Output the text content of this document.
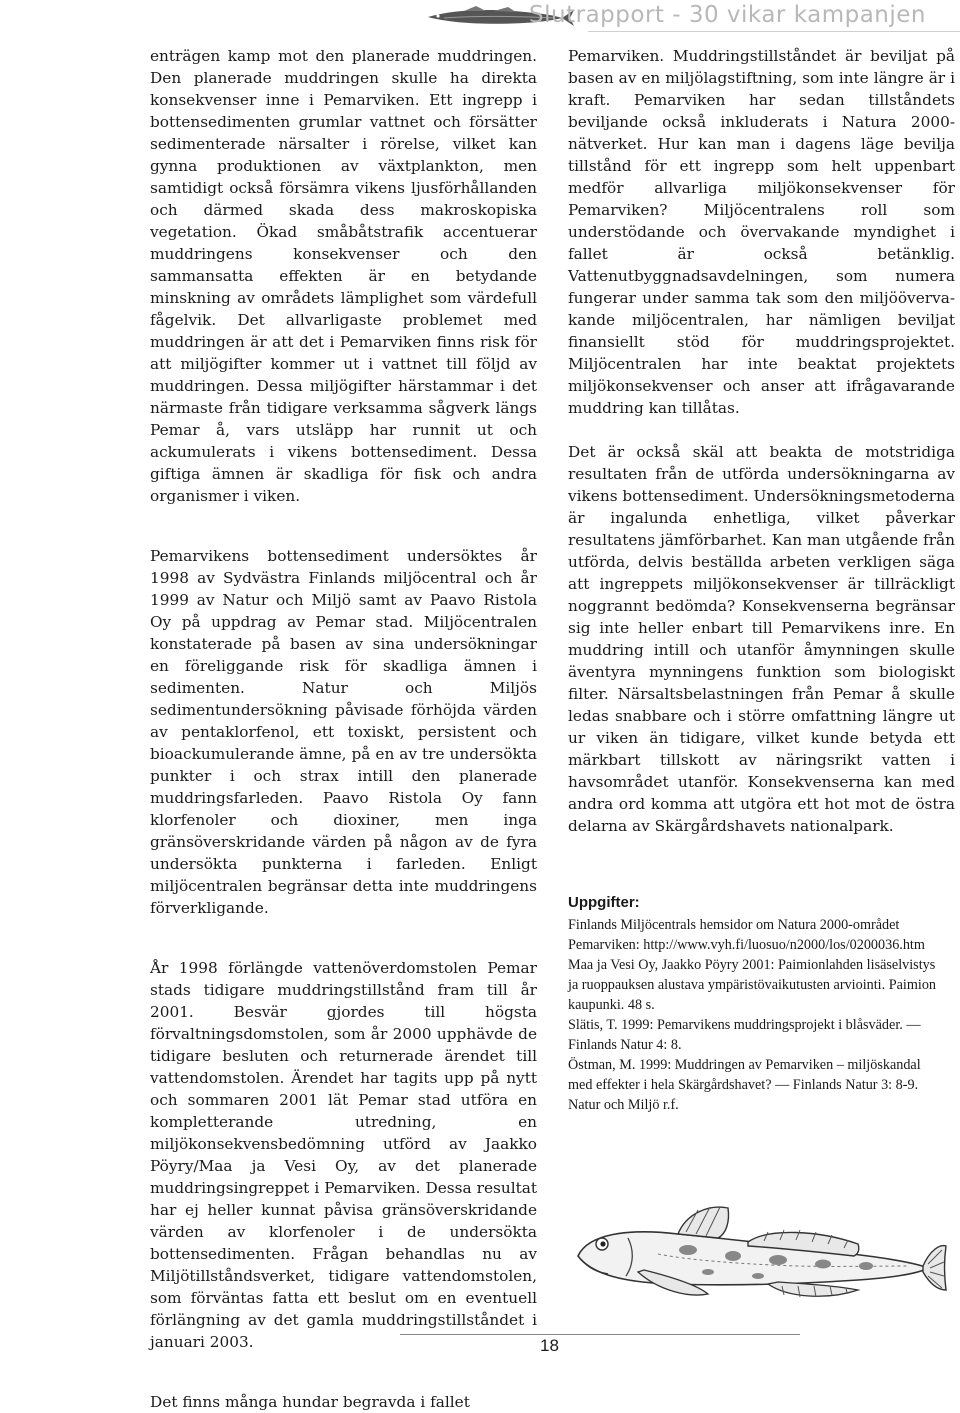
Slutrapport - 30 vikar kampanjen

enträgen kamp mot den planerade muddringen. Den planerade muddringen skulle ha direkta konsekvenser inne i Pemarviken. Ett ingrepp i bottensedimenten grumlar vattnet och försätter sedimenterade närsalter i rörelse, vilket kan gynna produktionen av växtplankton, men samtidigt också försämra vikens ljusförhållanden och därmed skada dess makroskopiska vegetation. Ökad småbåtstrafik accentuerar muddringens konsekvenser och den sammansatta effekten är en betydande minskning av områdets lämplighet som värdefull fågelvik. Det allvarligaste problemet med muddringen är att det i Pemarviken finns risk för att miljögifter kommer ut i vattnet till följd av muddringen. Dessa miljögifter härstammar i det närmaste från tidigare verksamma sågverk längs Pemar å, vars utsläpp har runnit ut och ackumulerats i vikens bottensediment. Dessa giftiga ämnen är skadliga för fisk och andra organismer i viken.

Pemarvikens bottensediment undersöktes år 1998 av Sydvästra Finlands miljöcentral och år 1999 av Natur och Miljö samt av Paavo Ristola Oy på uppdrag av Pemar stad. Miljöcentralen konstaterade på basen av sina undersökningar en föreliggande risk för skadliga ämnen i sedimenten. Natur och Miljös sedimentundersökning påvisade förhöjda värden av pentaklorfenol, ett toxiskt, persistent och bioackumulerande ämne, på en av tre undersökta punkter i och strax intill den planerade muddringsfarleden. Paavo Ristola Oy fann klorfenoler och dioxiner, men inga gränsöverskridande värden på någon av de fyra undersökta punkterna i farleden. Enligt miljöcentralen begränsar detta inte muddringens förverkligande.

År 1998 förlängde vattenöverdomstolen Pemar stads tidigare muddringstillstånd fram till år 2001. Besvär gjordes till högsta förvaltningsdomstolen, som år 2000 upphävde de tidigare besluten och returnerade ärendet till vattendomstolen. Ärendet har tagits upp på nytt och sommaren 2001 lät Pemar stad utföra en kompletterande utredning, en miljökonsekvensbedömning utförd av Jaakko Pöyry/Maa ja Vesi Oy, av det planerade muddringsingreppet i Pemarviken. Dessa resultat har ej heller kunnat påvisa gränsöverskridande värden av klorfenoler i de undersökta bottensedimenten. Frågan behandlas nu av Miljötillståndsverket, tidigare vattendomstolen, som förväntas fatta ett beslut om en eventuell förlängning av det gamla muddringstillståndet i januari 2003.

Det finns många hundar begravda i fallet

Pemarviken. Muddringstillståndet är beviljat på basen av en miljölagstiftning, som inte längre är i kraft. Pemarviken har sedan tillståndets beviljande också inkluderats i Natura 2000-nätverket. Hur kan man i dagens läge bevilja tillstånd för ett ingrepp som helt uppenbart medför allvarliga miljökonsekvenser för Pemarviken? Miljöcentralens roll som understödande och övervakande myndighet i fallet är också betänklig. Vattenutbyggnadsavdelningen, som numera fungerar under samma tak som den miljöövervakande miljöcentralen, har nämligen beviljat finansiellt stöd för muddringsprojektet. Miljöcentralen har inte beaktat projektets miljökonsekvenser och anser att ifrågavarande muddring kan tillåtas.

Det är också skäl att beakta de motstridiga resultaten från de utförda undersökningarna av vikens bottensediment. Undersökningsmetoderna är ingalunda enhetliga, vilket påverkar resultatens jämförbarhet. Kan man utgående från utförda, delvis beställda arbeten verkligen säga att ingreppets miljökonsekvenser är tillräckligt noggrannt bedömda? Konsekvenserna begränsar sig inte heller enbart till Pemarvikens inre. En muddring intill och utanför åmynningen skulle äventyra mynningens funktion som biologiskt filter. Närsaltsbelastningen från Pemar å skulle ledas snabbare och i större omfattning längre ut ur viken än tidigare, vilket kunde betyda ett märkbart tillskott av näringsrikt vatten i havsområdet utanför. Konsekvenserna kan med andra ord komma att utgöra ett hot mot de östra delarna av Skärgårdshavets nationalpark.

Uppgifter:

Finlands Miljöcentrals hemsidor om Natura 2000-området Pemarviken: http://www.vyh.fi/luosuo/n2000/los/0200036.htm

Maa ja Vesi Oy, Jaakko Pöyry 2001: Paimionlahden lisäselvistys ja ruoppauksen alustava ympäristövaikutusten arviointi. Paimion kaupunki. 48 s.

Slätis, T. 1999: Pemarvikens muddringsprojekt i blåsväder. — Finlands Natur 4: 8.

Östman, M. 1999: Muddringen av Pemarviken – miljöskandal med effekter i hela Skärgårdshavet? — Finlands Natur 3: 8-9.

Natur och Miljö r.f.

18
